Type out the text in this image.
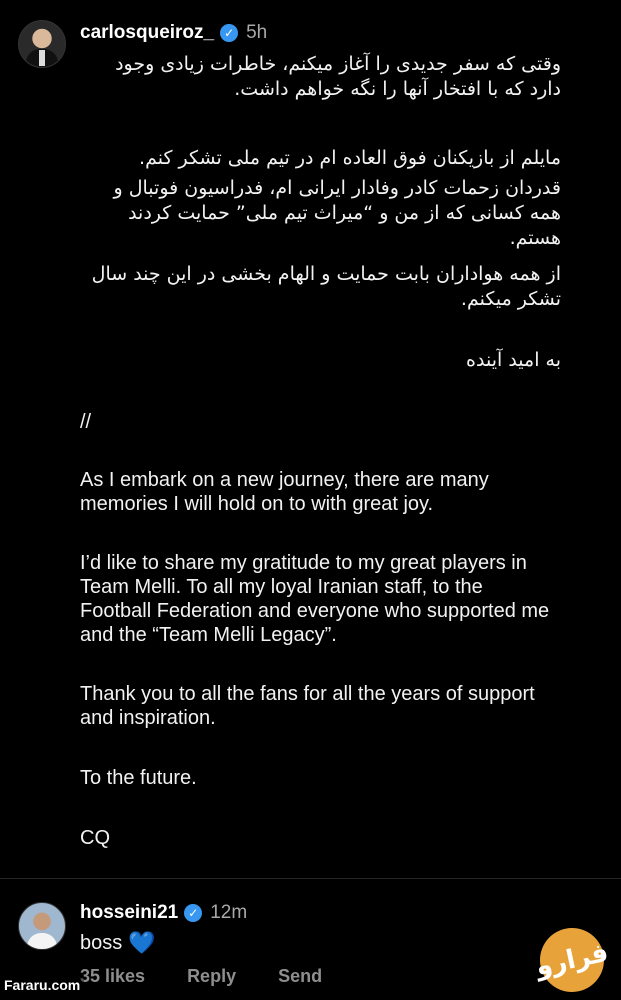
carlosqueiroz_ ✓ 5h
وقتی که سفر جدیدی را آغاز میکنم، خاطرات زیادی وجود دارد که با افتخار آنها را نگه خواهم داشت.
مایلم از بازیکنان فوق العاده ام در تیم ملی تشکر کنم.
قدردان زحمات کادر وفادار ایرانی ام، فدراسیون فوتبال و همه کسانی که از من و “میراث تیم ملی” حمایت کردند هستم.
از همه هواداران بابت حمایت و الهام بخشی در این چند سال تشکر میکنم.
به امید آینده
//
As I embark on a new journey, there are many
memories I will hold on to with great joy.
I’d like to share my gratitude to my great players in
Team Melli. To all my loyal Iranian staff, to the
Football Federation and everyone who supported me
and the “Team Melli Legacy”.
Thank you to all the fans for all the years of support
and inspiration.
To the future.
CQ
hosseini21 ✓ 12m
boss 💙
35 likes Reply Send
Fararu.com
فرارو
